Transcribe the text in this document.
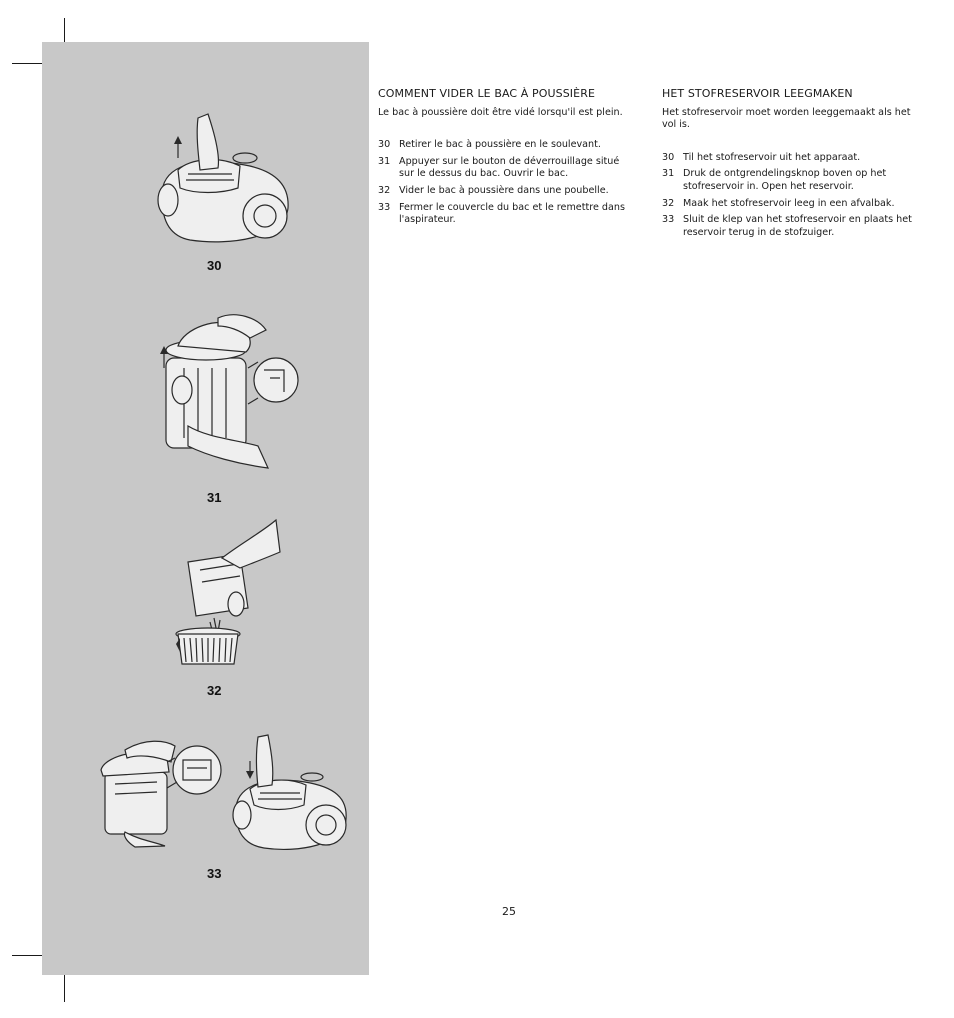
30
31
32
33
COMMENT VIDER LE BAC À POUSSIÈRE

Le bac à poussière doit être vidé lorsqu'il est plein.

30 Retirer le bac à poussière en le soulevant.
31 Appuyer sur le bouton de déverrouillage situé sur le dessus du bac. Ouvrir le bac.
32 Vider le bac à poussière dans une poubelle.
33 Fermer le couvercle du bac et le remettre dans l'aspirateur.
HET STOFRESERVOIR LEEGMAKEN

Het stofreservoir moet worden leeggemaakt als het vol is.

30 Til het stofreservoir uit het apparaat.
31 Druk de ontgrendelingsknop boven op het stofreservoir in. Open het reservoir.
32 Maak het stofreservoir leeg in een afvalbak.
33 Sluit de klep van het stofreservoir en plaats het reservoir terug in de stofzuiger.
25
